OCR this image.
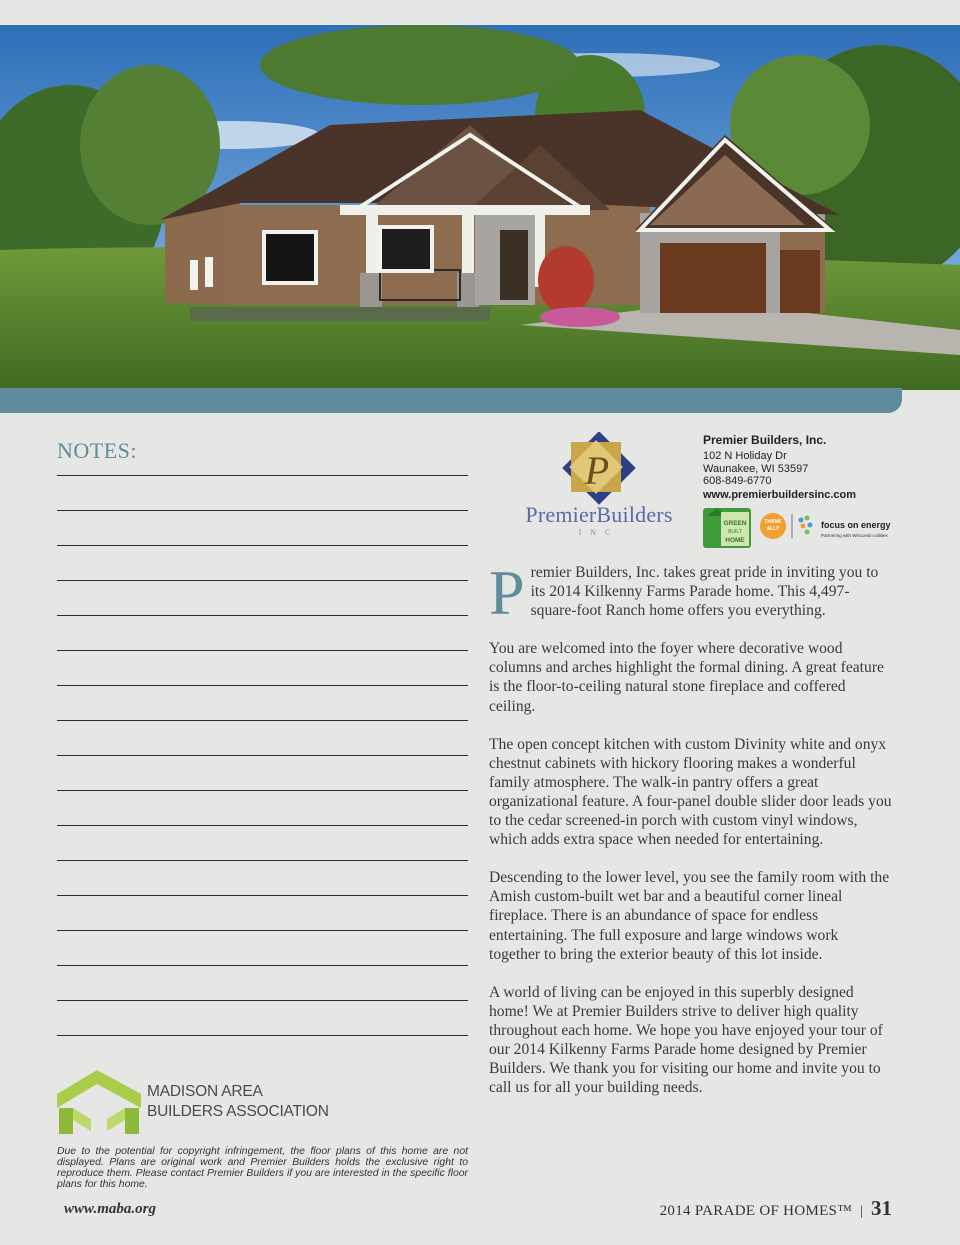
NOTES:
MADISON AREA
BUILDERS ASSOCIATION
Due to the potential for copyright infringement, the floor plans of this home are not displayed. Plans are original work and Premier Builders holds the exclusive right to reproduce them. Please contact Premier Builders if you are interested in the specific floor plans for this home.
www.maba.org
P
PremierBuilders
INC
Premier Builders, Inc.
102 N Holiday Dr
Waunakee, WI 53597
608-849-6770
www.premierbuildersinc.com
GREEN
BUILT
HOME
THANK
ALLY	focus on energy
Partnering with Wisconsin utilities

Premier Builders, Inc. takes great pride in inviting you to its 2014 Kilkenny Farms Parade home. This 4,497-square-foot Ranch home offers you everything.

You are welcomed into the foyer where decorative wood columns and arches highlight the formal dining. A great feature is the floor-to-ceiling natural stone fireplace and coffered ceiling.

The open concept kitchen with custom Divinity white and onyx chestnut cabinets with hickory flooring makes a wonderful family atmosphere. The walk-in pantry offers a great organizational feature. A four-panel double slider door leads you to the cedar screened-in porch with custom vinyl windows, which adds extra space when needed for entertaining.

Descending to the lower level, you see the family room with the Amish custom-built wet bar and a beautiful corner lineal fireplace. There is an abundance of space for endless entertaining. The full exposure and large windows work together to bring the exterior beauty of this lot inside.

A world of living can be enjoyed in this superbly designed home! We at Premier Builders strive to deliver high quality throughout each home. We hope you have enjoyed your tour of our 2014 Kilkenny Farms Parade home designed by Premier Builders. We thank you for visiting our home and invite you to call us for all your building needs.

2014 PARADE OF HOMES™ | 31
